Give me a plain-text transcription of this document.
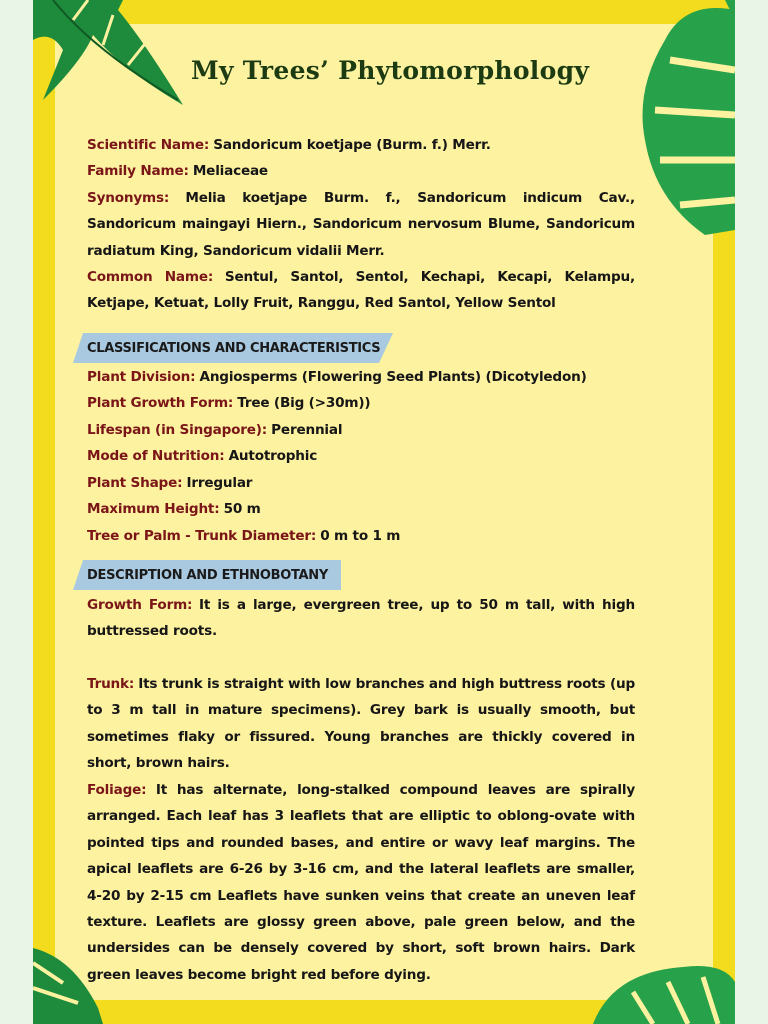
My Trees’ Phytomorphology

Scientific Name: Sandoricum koetjape (Burm. f.) Merr.

Family Name: Meliaceae

Synonyms: Melia koetjape Burm. f., Sandoricum indicum Cav., Sandoricum maingayi Hiern., Sandoricum nervosum Blume, Sandoricum radiatum King, Sandoricum vidalii Merr.

Common Name: Sentul, Santol, Sentol, Kechapi, Kecapi, Kelampu, Ketjape, Ketuat, Lolly Fruit, Ranggu, Red Santol, Yellow Sentol

CLASSIFICATIONS AND CHARACTERISTICS

Plant Division: Angiosperms (Flowering Seed Plants) (Dicotyledon)

Plant Growth Form: Tree (Big (>30m))

Lifespan (in Singapore): Perennial

Mode of Nutrition: Autotrophic

Plant Shape: Irregular

Maximum Height: 50 m

Tree or Palm - Trunk Diameter: 0 m to 1 m

DESCRIPTION AND ETHNOBOTANY

Growth Form: It is a large, evergreen tree, up to 50 m tall, with high buttressed roots.

Trunk: Its trunk is straight with low branches and high buttress roots (up to 3 m tall in mature specimens). Grey bark is usually smooth, but sometimes flaky or fissured. Young branches are thickly covered in short, brown hairs.

Foliage: It has alternate, long-stalked compound leaves are spirally arranged. Each leaf has 3 leaflets that are elliptic to oblong-ovate with pointed tips and rounded bases, and entire or wavy leaf margins. The apical leaflets are 6-26 by 3-16 cm, and the lateral leaflets are smaller, 4-20 by 2-15 cm Leaflets have sunken veins that create an uneven leaf texture. Leaflets are glossy green above, pale green below, and the undersides can be densely covered by short, soft brown hairs. Dark green leaves become bright red before dying.
